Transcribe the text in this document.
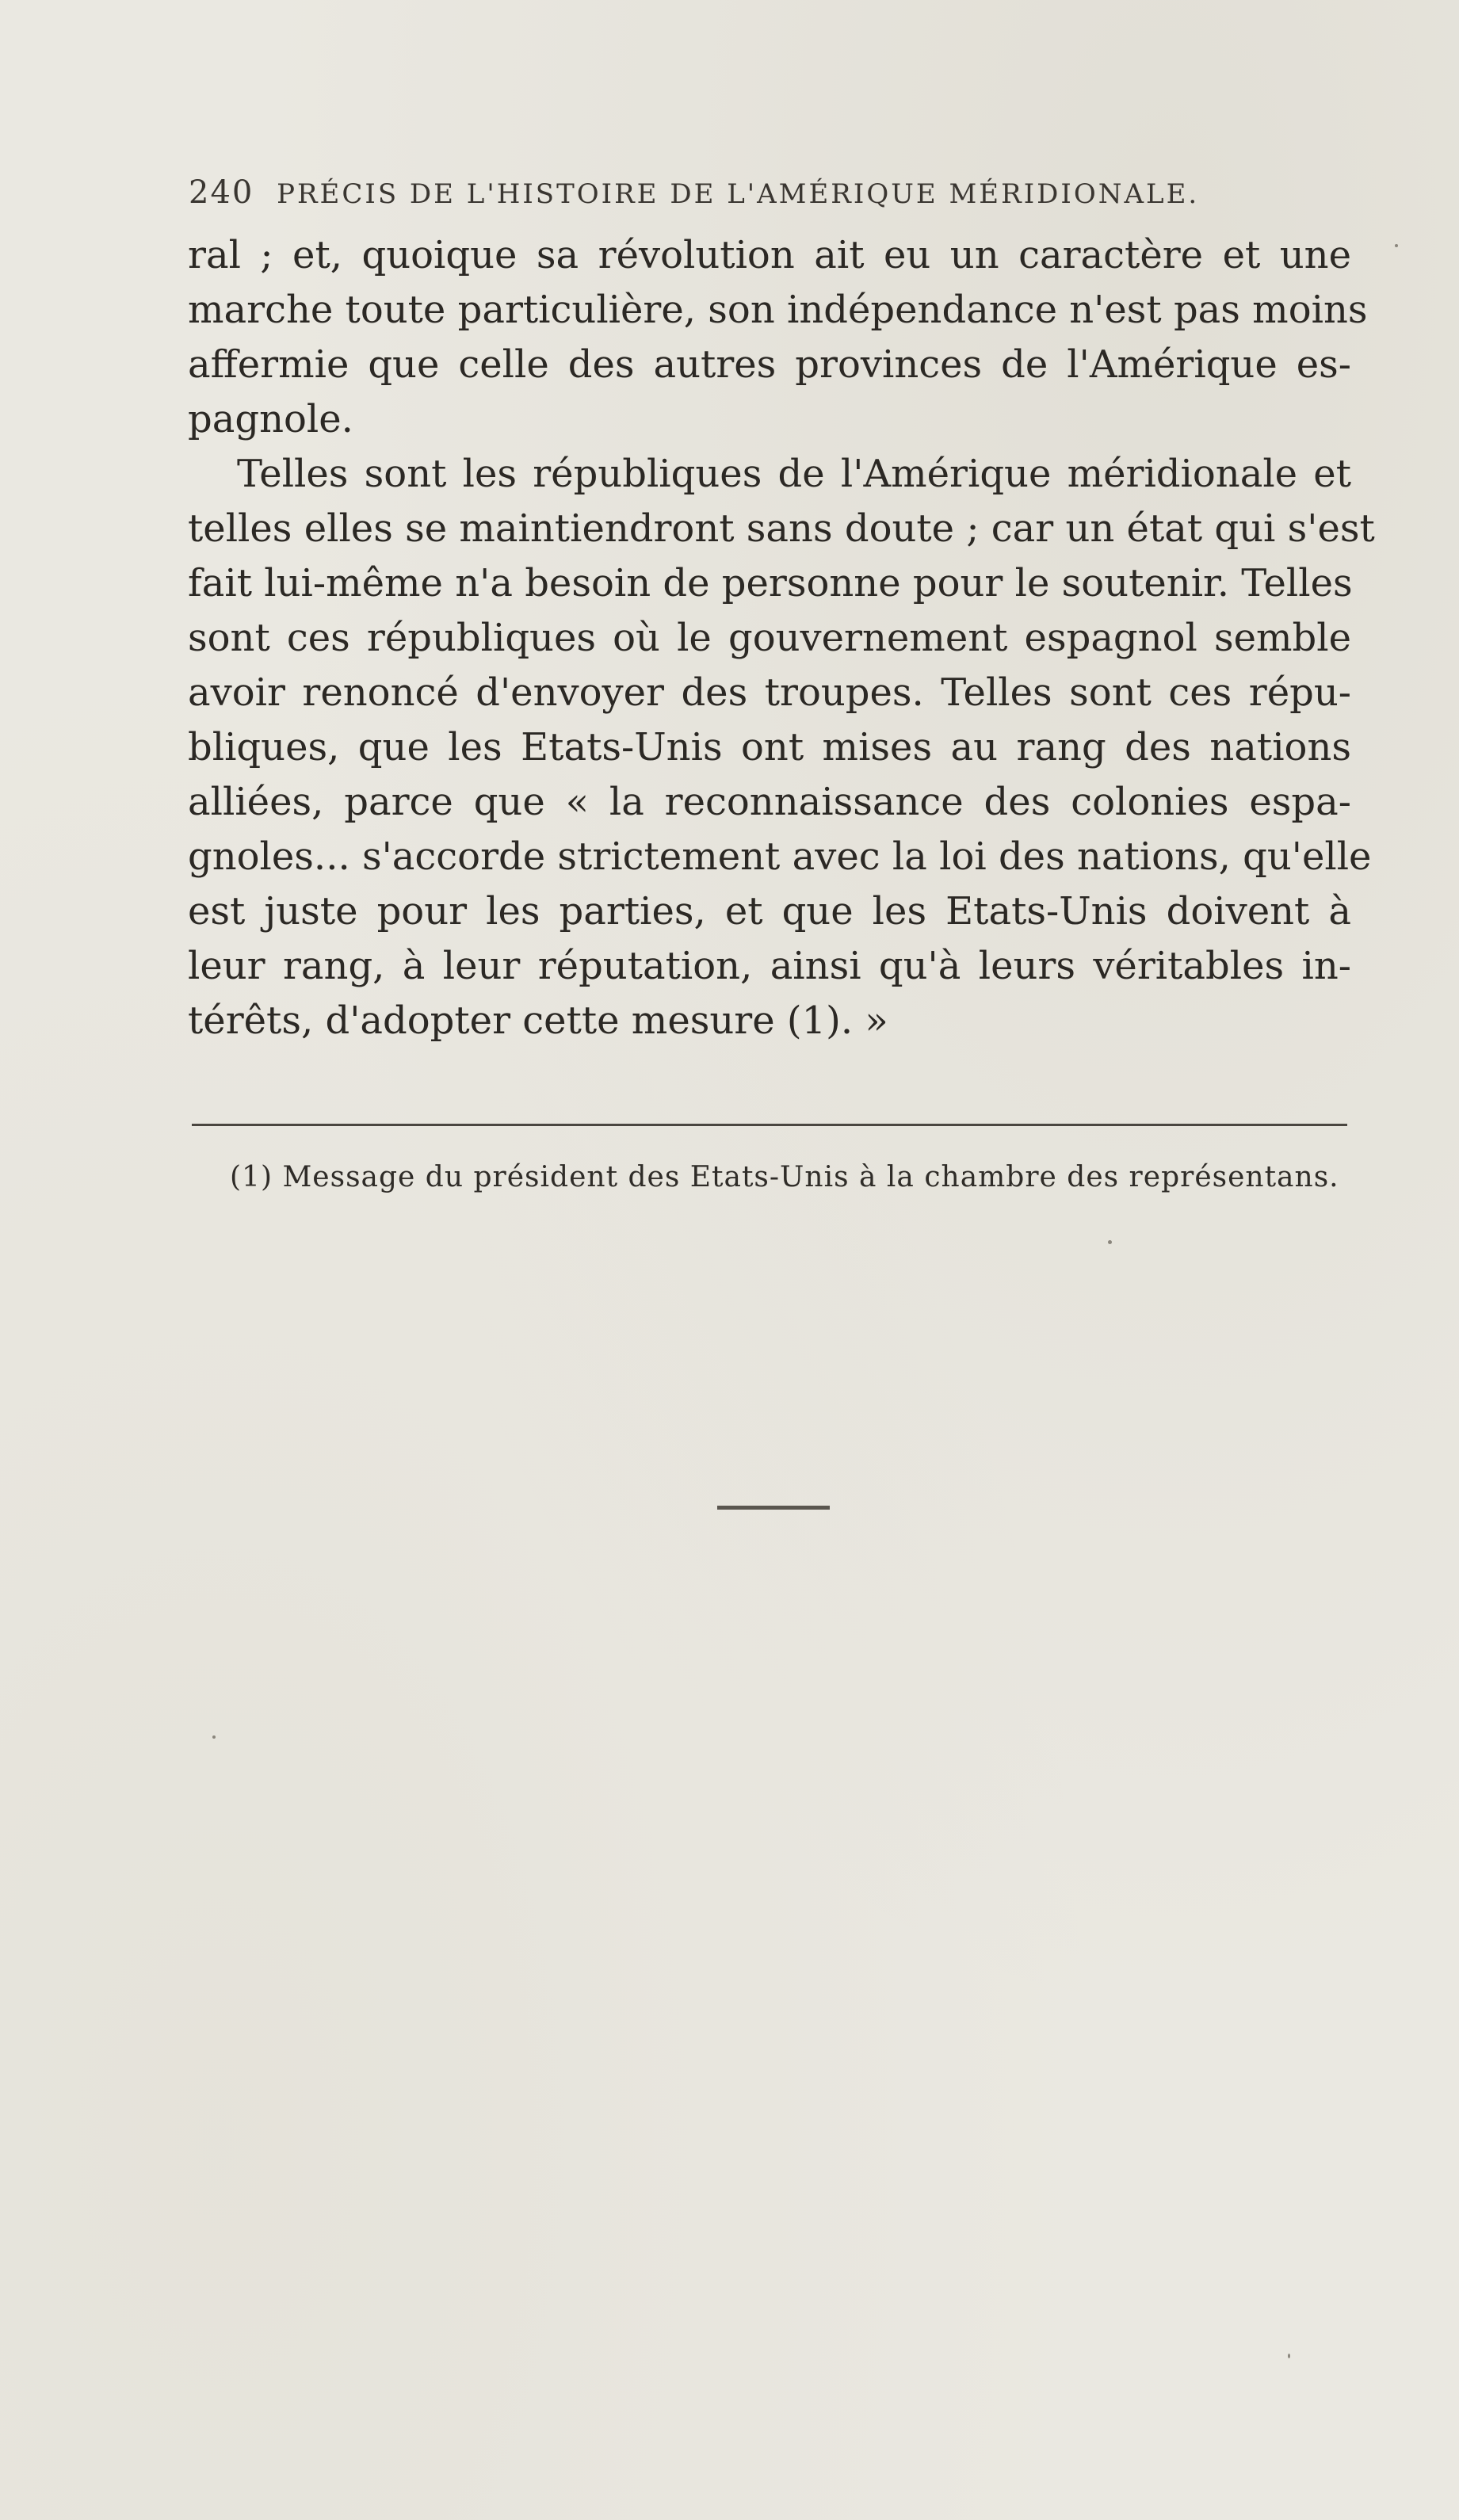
240 PRÉCIS DE L'HISTOIRE DE L'AMÉRIQUE MÉRIDIONALE.
ral ; et, quoique sa révolution ait eu un caractère et une
marche toute particulière, son indépendance n'est pas moins
affermie que celle des autres provinces de l'Amérique es-
pagnole.
Telles sont les républiques de l'Amérique méridionale et
telles elles se maintiendront sans doute ; car un état qui s'est
fait lui-même n'a besoin de personne pour le soutenir. Telles
sont ces républiques où le gouvernement espagnol semble
avoir renoncé d'envoyer des troupes. Telles sont ces répu-
bliques, que les Etats-Unis ont mises au rang des nations
alliées, parce que « la reconnaissance des colonies espa-
gnoles... s'accorde strictement avec la loi des nations, qu'elle
est juste pour les parties, et que les Etats-Unis doivent à
leur rang, à leur réputation, ainsi qu'à leurs véritables in-
térêts, d'adopter cette mesure (1). »
(1) Message du président des Etats-Unis à la chambre des représentans.
